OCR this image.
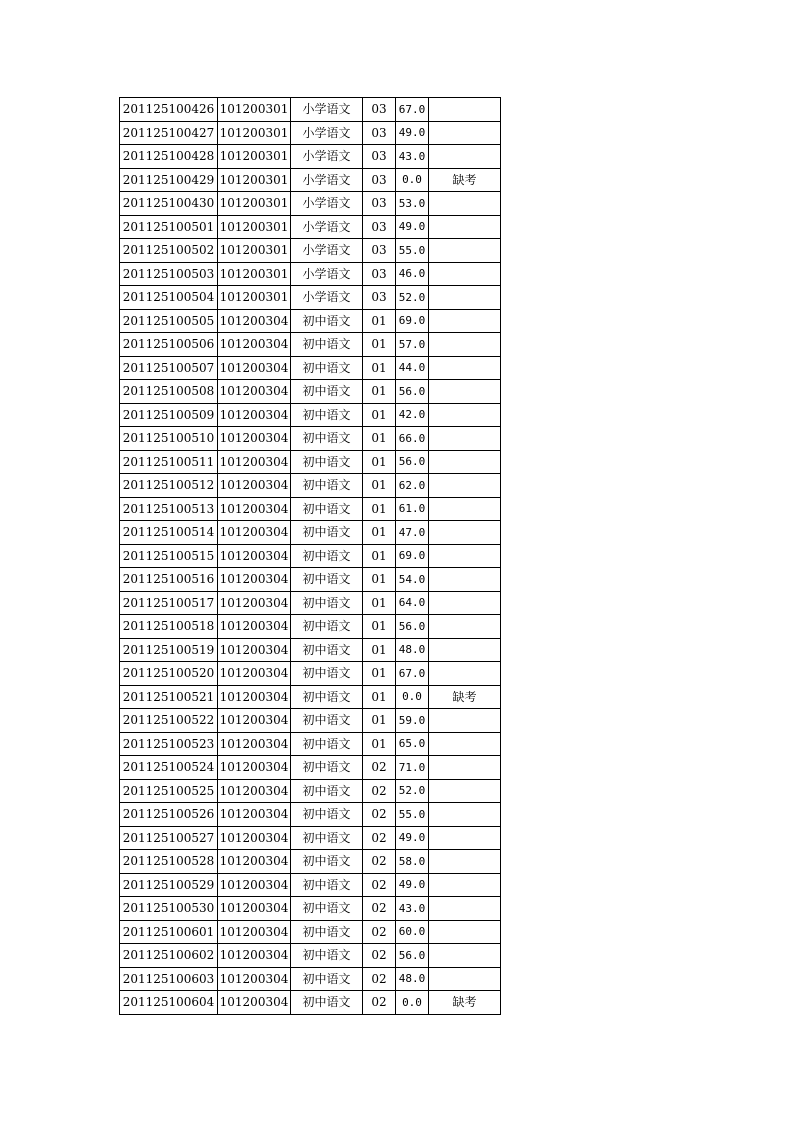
201125100426	101200301	小学语文	03	67.0	
201125100427	101200301	小学语文	03	49.0	
201125100428	101200301	小学语文	03	43.0	
201125100429	101200301	小学语文	03	0.0	缺考
201125100430	101200301	小学语文	03	53.0	
201125100501	101200301	小学语文	03	49.0	
201125100502	101200301	小学语文	03	55.0	
201125100503	101200301	小学语文	03	46.0	
201125100504	101200301	小学语文	03	52.0	
201125100505	101200304	初中语文	01	69.0	
201125100506	101200304	初中语文	01	57.0	
201125100507	101200304	初中语文	01	44.0	
201125100508	101200304	初中语文	01	56.0	
201125100509	101200304	初中语文	01	42.0	
201125100510	101200304	初中语文	01	66.0	
201125100511	101200304	初中语文	01	56.0	
201125100512	101200304	初中语文	01	62.0	
201125100513	101200304	初中语文	01	61.0	
201125100514	101200304	初中语文	01	47.0	
201125100515	101200304	初中语文	01	69.0	
201125100516	101200304	初中语文	01	54.0	
201125100517	101200304	初中语文	01	64.0	
201125100518	101200304	初中语文	01	56.0	
201125100519	101200304	初中语文	01	48.0	
201125100520	101200304	初中语文	01	67.0	
201125100521	101200304	初中语文	01	0.0	缺考
201125100522	101200304	初中语文	01	59.0	
201125100523	101200304	初中语文	01	65.0	
201125100524	101200304	初中语文	02	71.0	
201125100525	101200304	初中语文	02	52.0	
201125100526	101200304	初中语文	02	55.0	
201125100527	101200304	初中语文	02	49.0	
201125100528	101200304	初中语文	02	58.0	
201125100529	101200304	初中语文	02	49.0	
201125100530	101200304	初中语文	02	43.0	
201125100601	101200304	初中语文	02	60.0	
201125100602	101200304	初中语文	02	56.0	
201125100603	101200304	初中语文	02	48.0	
201125100604	101200304	初中语文	02	0.0	缺考
